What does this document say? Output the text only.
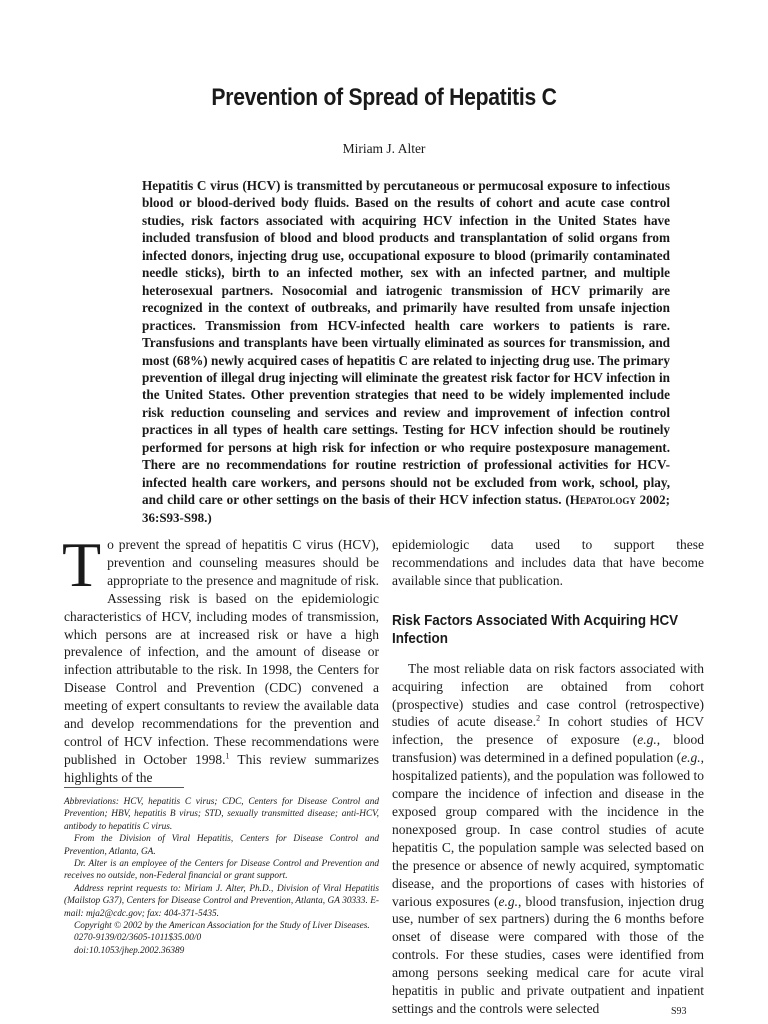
Prevention of Spread of Hepatitis C
Miriam J. Alter

Hepatitis C virus (HCV) is transmitted by percutaneous or permucosal exposure to infectious blood or blood-derived body fluids. Based on the results of cohort and acute case control studies, risk factors associated with acquiring HCV infection in the United States have included transfusion of blood and blood products and transplantation of solid organs from infected donors, injecting drug use, occupational exposure to blood (primarily contaminated needle sticks), birth to an infected mother, sex with an infected partner, and multiple heterosexual partners. Nosocomial and iatrogenic transmission of HCV primarily are recognized in the context of outbreaks, and primarily have resulted from unsafe injection practices. Transmission from HCV-infected health care workers to patients is rare. Transfusions and transplants have been virtually eliminated as sources for transmission, and most (68%) newly acquired cases of hepatitis C are related to injecting drug use. The primary prevention of illegal drug injecting will eliminate the greatest risk factor for HCV infection in the United States. Other prevention strategies that need to be widely implemented include risk reduction counseling and services and review and improvement of infection control practices in all types of health care settings. Testing for HCV infection should be routinely performed for persons at high risk for infection or who require postexposure management. There are no recommendations for routine restriction of professional activities for HCV-infected health care workers, and persons should not be excluded from work, school, play, and child care or other settings on the basis of their HCV infection status. (Hepatology 2002; 36:S93-S98.)

To prevent the spread of hepatitis C virus (HCV), prevention and counseling measures should be appropriate to the presence and magnitude of risk. Assessing risk is based on the epidemiologic characteristics of HCV, including modes of transmission, which persons are at increased risk or have a high prevalence of infection, and the amount of disease or infection attributable to the risk. In 1998, the Centers for Disease Control and Prevention (CDC) convened a meeting of expert consultants to review the available data and develop recommendations for the prevention and control of HCV infection. These recommendations were published in October 1998.$^1$ This review summarizes highlights of the

Abbreviations: HCV, hepatitis C virus; CDC, Centers for Disease Control and Prevention; HBV, hepatitis B virus; STD, sexually transmitted disease; anti-HCV, antibody to hepatitis C virus.

From the Division of Viral Hepatitis, Centers for Disease Control and Prevention, Atlanta, GA.

Dr. Alter is an employee of the Centers for Disease Control and Prevention and receives no outside, non-Federal financial or grant support.

Address reprint requests to: Miriam J. Alter, Ph.D., Division of Viral Hepatitis (Mailstop G37), Centers for Disease Control and Prevention, Atlanta, GA 30333. E-mail: mja2@cdc.gov; fax: 404-371-5435.

Copyright © 2002 by the American Association for the Study of Liver Diseases.

0270-9139/02/3605-1011$35.00/0

doi:10.1053/jhep.2002.36389

epidemiologic data used to support these recommendations and includes data that have become available since that publication.

Risk Factors Associated With Acquiring HCV Infection

The most reliable data on risk factors associated with acquiring infection are obtained from cohort (prospective) studies and case control (retrospective) studies of acute disease.$^2$ In cohort studies of HCV infection, the presence of exposure (e.g., blood transfusion) was determined in a defined population (e.g., hospitalized patients), and the population was followed to compare the incidence of infection and disease in the exposed group compared with the incidence in the nonexposed group. In case control studies of acute hepatitis C, the population sample was selected based on the presence or absence of newly acquired, symptomatic disease, and the proportions of cases with histories of various exposures (e.g., blood transfusion, injection drug use, number of sex partners) during the 6 months before onset of disease were compared with those of the controls. For these studies, cases were identified from among persons seeking medical care for acute viral hepatitis in public and private outpatient and inpatient settings and the controls were selected	S93
